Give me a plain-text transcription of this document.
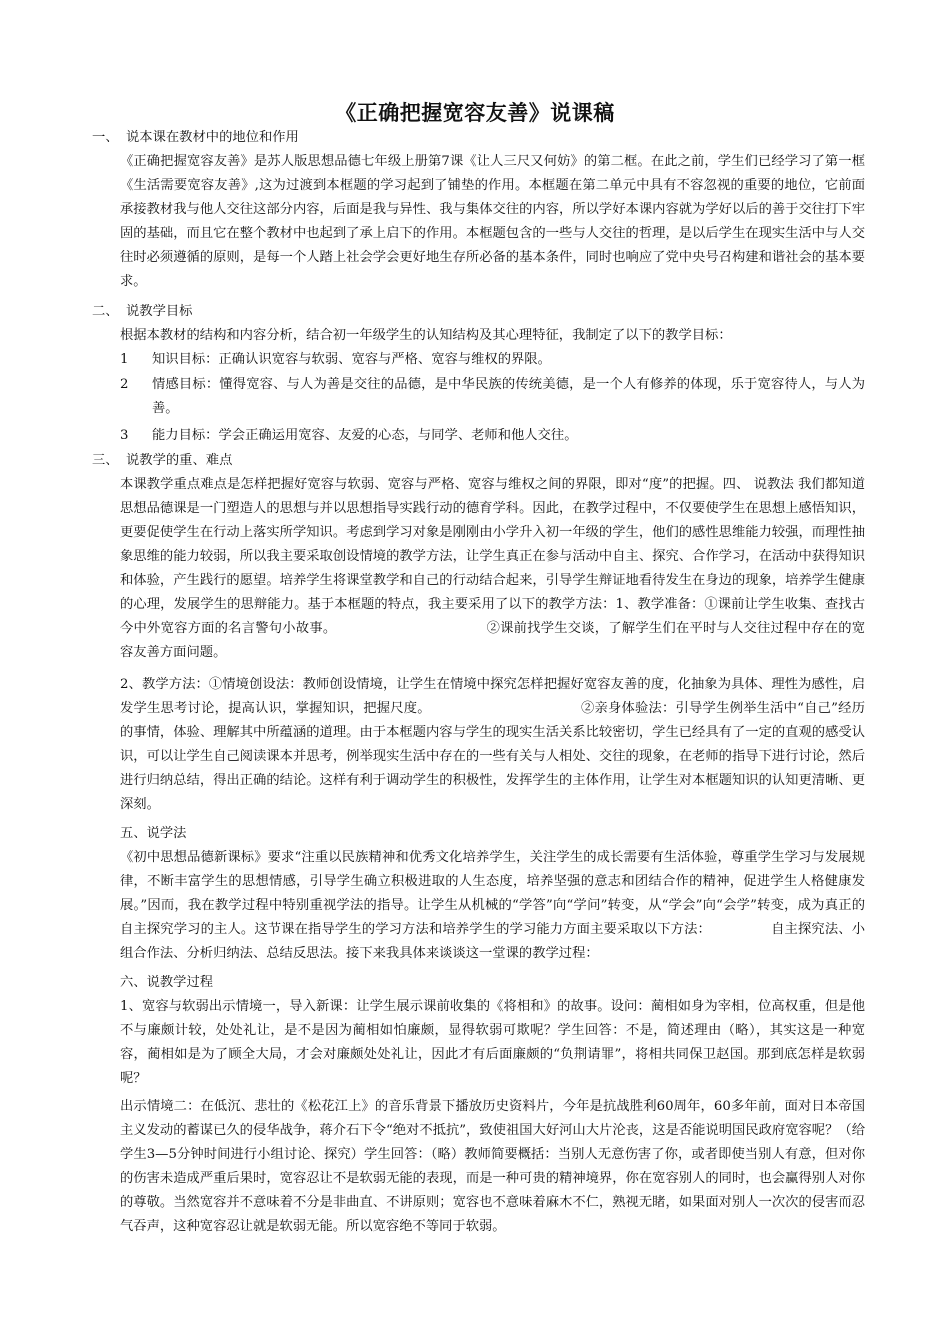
《正确把握宽容友善》说课稿
一、 说本课在教材中的地位和作用
《正确把握宽容友善》是苏人版思想品德七年级上册第7课《让人三尺又何妨》的第二框。在此之前，学生们已经学习了第一框《生活需要宽容友善》,这为过渡到本框题的学习起到了铺垫的作用。本框题在第二单元中具有不容忽视的重要的地位，它前面承接教材我与他人交往这部分内容，后面是我与异性、我与集体交往的内容，所以学好本课内容就为学好以后的善于交往打下牢固的基础，而且它在整个教材中也起到了承上启下的作用。本框题包含的一些与人交往的哲理，是以后学生在现实生活中与人交往时必须遵循的原则，是每一个人踏上社会学会更好地生存所必备的基本条件，同时也响应了党中央号召构建和谐社会的基本要求。
二、 说教学目标
根据本教材的结构和内容分析，结合初一年级学生的认知结构及其心理特征，我制定了以下的教学目标：
1 知识目标：正确认识宽容与软弱、宽容与严格、宽容与维权的界限。
2	情感目标：懂得宽容、与人为善是交往的品德，是中华民族的传统美德，是一个人有修养的体现，乐于宽容待人，与人为善。
3 能力目标：学会正确运用宽容、友爱的心态，与同学、老师和他人交往。
三、 说教学的重、难点
本课教学重点难点是怎样把握好宽容与软弱、宽容与严格、宽容与维权之间的界限，即对“度”的把握。四、 说教法 我们都知道思想品德课是一门塑造人的思想与并以思想指导实践行动的德育学科。因此，在教学过程中，不仅要使学生在思想上感悟知识，更要促使学生在行动上落实所学知识。考虑到学习对象是刚刚由小学升入初一年级的学生，他们的感性思维能力较强，而理性抽象思维的能力较弱，所以我主要采取创设情境的教学方法，让学生真正在参与活动中自主、探究、合作学习，在活动中获得知识和体验，产生践行的愿望。培养学生将课堂教学和自己的行动结合起来，引导学生辩证地看待发生在身边的现象，培养学生健康的心理，发展学生的思辩能力。基于本框题的特点，我主要采用了以下的教学方法：1、教学准备：①课前让学生收集、查找古今中外宽容方面的名言警句小故事。	②课前找学生交谈，了解学生们在平时与人交往过程中存在的宽容友善方面问题。
2、教学方法：①情境创设法：教师创设情境，让学生在情境中探究怎样把握好宽容友善的度，化抽象为具体、理性为感性，启发学生思考讨论，提高认识，掌握知识，把握尺度。	②亲身体验法：引导学生例举生活中“自己”经历的事情，体验、理解其中所蕴涵的道理。由于本框题内容与学生的现实生活关系比较密切，学生已经具有了一定的直观的感受认识，可以让学生自己阅读课本并思考，例举现实生活中存在的一些有关与人相处、交往的现象，在老师的指导下进行讨论，然后进行归纳总结，得出正确的结论。这样有利于调动学生的积极性，发挥学生的主体作用，让学生对本框题知识的认知更清晰、更深刻。
五、说学法
《初中思想品德新课标》要求“注重以民族精神和优秀文化培养学生，关注学生的成长需要有生活体验，尊重学生学习与发展规律，不断丰富学生的思想情感，引导学生确立积极进取的人生态度，培养坚强的意志和团结合作的精神，促进学生人格健康发展。”因而，我在教学过程中特别重视学法的指导。让学生从机械的“学答”向“学问”转变，从“学会”向“会学”转变，成为真正的自主探究学习的主人。这节课在指导学生的学习方法和培养学生的学习能力方面主要采取以下方法：	自主探究法、小组合作法、分析归纳法、总结反思法。接下来我具体来谈谈这一堂课的教学过程：
六、说教学过程
1、宽容与软弱出示情境一，导入新课：让学生展示课前收集的《将相和》的故事。设问：蔺相如身为宰相，位高权重，但是他不与廉颇计较，处处礼让，是不是因为蔺相如怕廉颇，显得软弱可欺呢？学生回答：不是，简述理由（略），其实这是一种宽容，蔺相如是为了顾全大局，才会对廉颇处处礼让，因此才有后面廉颇的“负荆请罪”，将相共同保卫赵国。那到底怎样是软弱呢？
出示情境二：在低沉、悲壮的《松花江上》的音乐背景下播放历史资料片，今年是抗战胜利60周年，60多年前，面对日本帝国主义发动的蓄谋已久的侵华战争，蒋介石下令“绝对不抵抗”，致使祖国大好河山大片沦丧，这是否能说明国民政府宽容呢？（给学生3—5分钟时间进行小组讨论、探究）学生回答：（略）教师简要概括：当别人无意伤害了你，或者即使当别人有意，但对你的伤害未造成严重后果时，宽容忍让不是软弱无能的表现，而是一种可贵的精神境界，你在宽容别人的同时，也会赢得别人对你的尊敬。当然宽容并不意味着不分是非曲直、不讲原则；宽容也不意味着麻木不仁，熟视无睹，如果面对别人一次次的侵害而忍气吞声，这种宽容忍让就是软弱无能。所以宽容绝不等同于软弱。
